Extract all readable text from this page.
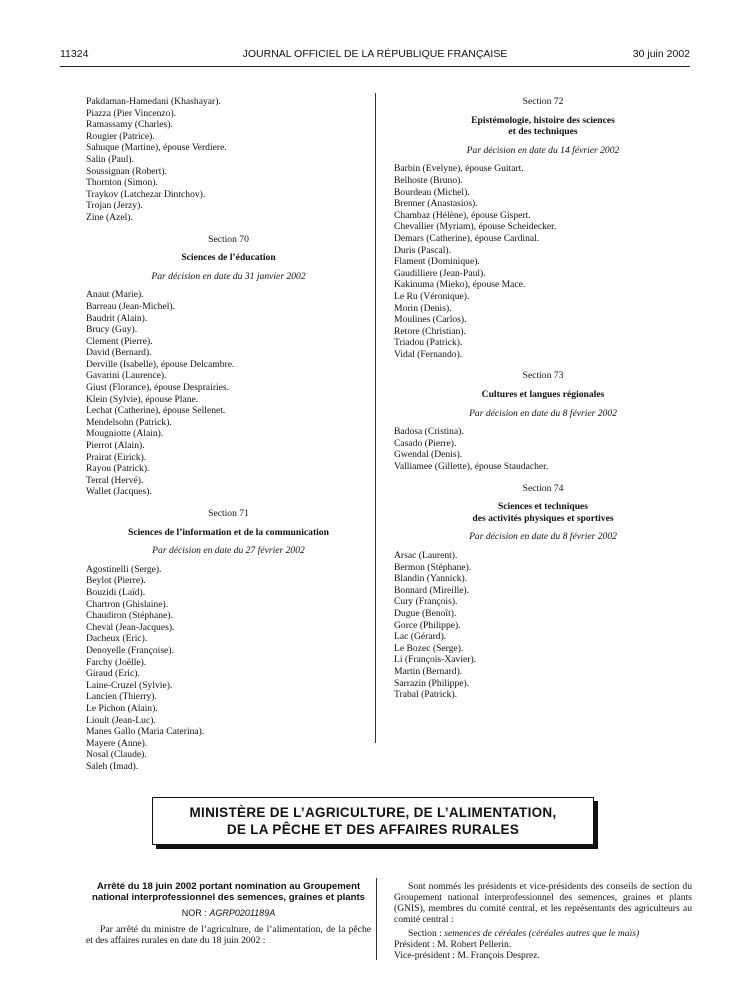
11324	JOURNAL OFFICIEL DE LA RÉPUBLIQUE FRANÇAISE	30 juin 2002
Pakdaman-Hamedani (Khashayar).
Piazza (Pier Vincenzo).
Ramassamy (Charles).
Rougier (Patrice).
Sahuque (Martine), épouse Verdiere.
Salin (Paul).
Soussignan (Robert).
Thornton (Simon).
Traykov (Latchezar Dintchov).
Trojan (Jerzy).
Zine (Azel).
Section 70
Sciences de l’éducation
Par décision en date du 31 janvier 2002
Anaut (Marie).
Barreau (Jean-Michel).
Baudrit (Alain).
Brucy (Guy).
Clement (Pierre).
David (Bernard).
Derville (Isabelle), épouse Delcambre.
Gavarini (Laurence).
Giust (Florance), épouse Desprairies.
Klein (Sylvie), épouse Plane.
Lechat (Catherine), épouse Sellenet.
Mendelsohn (Patrick).
Mougniotte (Alain).
Pierrot (Alain).
Prairat (Eirick).
Rayou (Patrick).
Terral (Hervé).
Wallet (Jacques).
Section 71
Sciences de l’information et de la communication
Par décision en date du 27 février 2002
Agostinelli (Serge).
Beylot (Pierre).
Bouzidi (Laïd).
Chartron (Ghislaine).
Chaudiron (Stéphane).
Cheval (Jean-Jacques).
Dacheux (Eric).
Denoyelle (Françoise).
Farchy (Joëlle).
Giraud (Eric).
Laine-Cruzel (Sylvie).
Lancien (Thierry).
Le Pichon (Alain).
Lioult (Jean-Luc).
Manes Gallo (Maria Caterina).
Mayere (Anne).
Nosal (Claude).
Saleh (Imad).
Section 72
Epistémologie, histoire des sciences
et des techniques
Par décision en date du 14 février 2002
Barbin (Evelyne), épouse Guitart.
Belhoste (Bruno).
Bourdeau (Michel).
Brenner (Anastasios).
Chambaz (Hélène), épouse Gispert.
Chevallier (Myriam), épouse Scheidecker.
Demars (Catherine), épouse Cardinal.
Duris (Pascal).
Flament (Dominique).
Gaudilliere (Jean-Paul).
Kakinuma (Mieko), épouse Mace.
Le Ru (Véronique).
Morin (Denis).
Moulines (Carlos).
Retore (Christian).
Triadou (Patrick).
Vidal (Fernando).
Section 73
Cultures et langues régionales
Par décision en date du 8 février 2002
Badosa (Cristina).
Casado (Pierre).
Gwendal (Denis).
Valliamee (Gillette), épouse Staudacher.
Section 74
Sciences et techniques
des activités physiques et sportives
Par décision en date du 8 février 2002
Arsac (Laurent).
Bermon (Stéphane).
Blandin (Yannick).
Bonnard (Mireille).
Cury (François).
Dugue (Benoît).
Gorce (Philippe).
Lac (Gérard).
Le Bozec (Serge).
Li (François-Xavier).
Martin (Bernard).
Sarrazin (Philippe).
Trabal (Patrick).
MINISTÈRE DE L’AGRICULTURE, DE L’ALIMENTATION,
DE LA PÊCHE ET DES AFFAIRES RURALES
Arrêté du 18 juin 2002 portant nomination au Groupement national interprofessionnel des semences, graines et plants
NOR : AGRP0201189A
Par arrêté du ministre de l’agriculture, de l’alimentation, de la pêche et des affaires rurales en date du 18 juin 2002 :
Sont nommés les présidents et vice-présidents des conseils de section du Groupement national interprofessionnel des semences, graines et plants (GNIS), membres du comité central, et les représentants des agriculteurs au comité central :
Section : semences de céréales (céréales autres que le maïs)
Président : M. Robert Pellerin.
Vice-président : M. François Desprez.
